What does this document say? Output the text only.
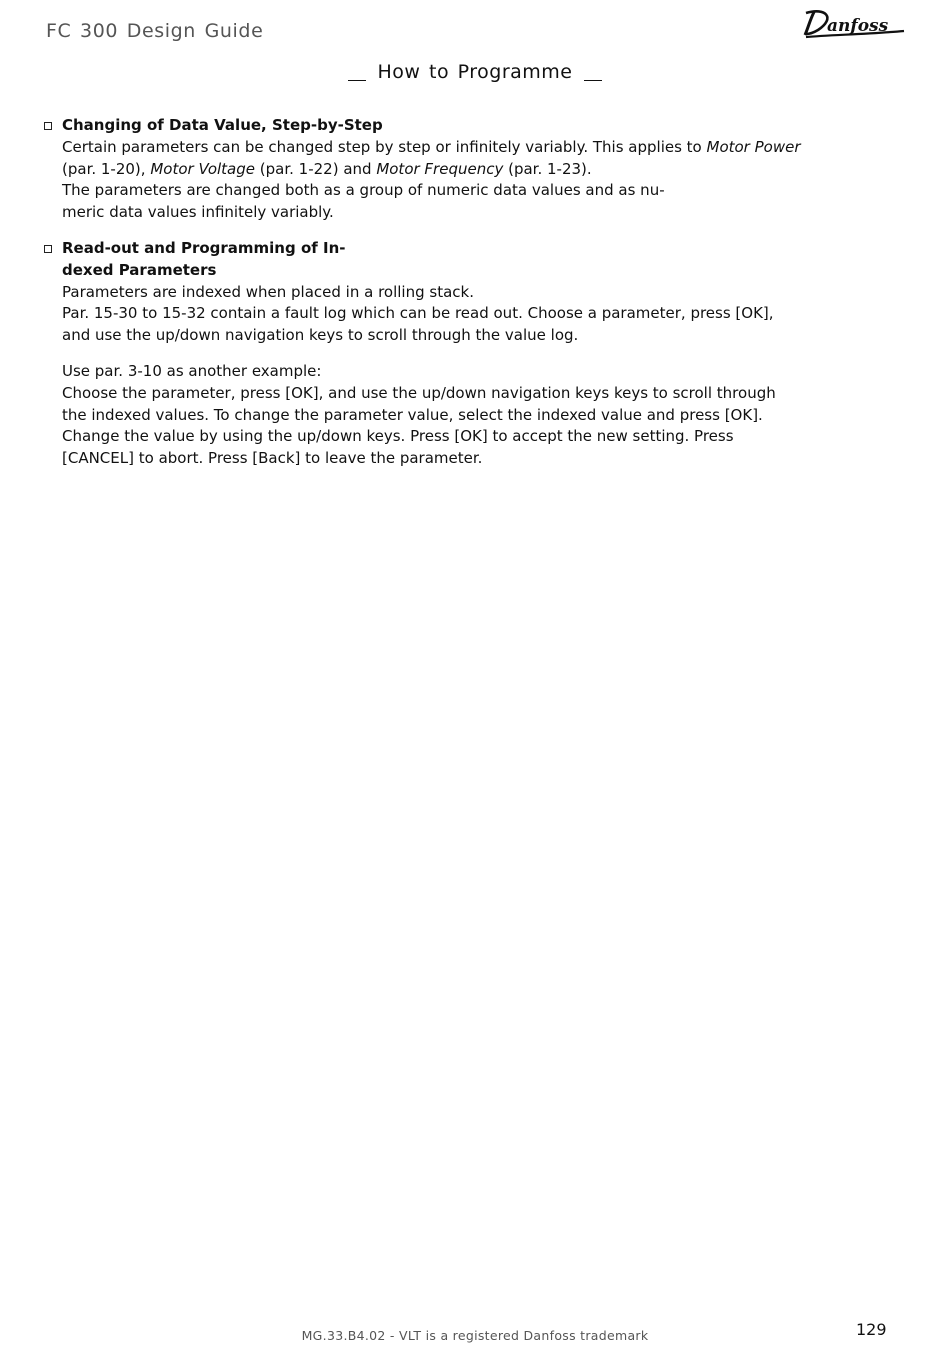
FC 300 Design Guide	anfoss
How to Programme
Changing of Data Value, Step-by-Step
Certain parameters can be changed step by step or infinitely variably. This applies to Motor Power
(par. 1-20), Motor Voltage (par. 1-22) and Motor Frequency (par. 1-23).
The parameters are changed both as a group of numeric data values and as nu-
meric data values infinitely variably.
Read-out and Programming of In-
dexed Parameters
Parameters are indexed when placed in a rolling stack.
Par. 15-30 to 15-32 contain a fault log which can be read out. Choose a parameter, press [OK],
and use the up/down navigation keys to scroll through the value log.
Use par. 3-10 as another example:
Choose the parameter, press [OK], and use the up/down navigation keys keys to scroll through
the indexed values. To change the parameter value, select the indexed value and press [OK].
Change the value by using the up/down keys. Press [OK] to accept the new setting. Press
[CANCEL] to abort. Press [Back] to leave the parameter.
MG.33.B4.02 - VLT is a registered Danfoss trademark	129
